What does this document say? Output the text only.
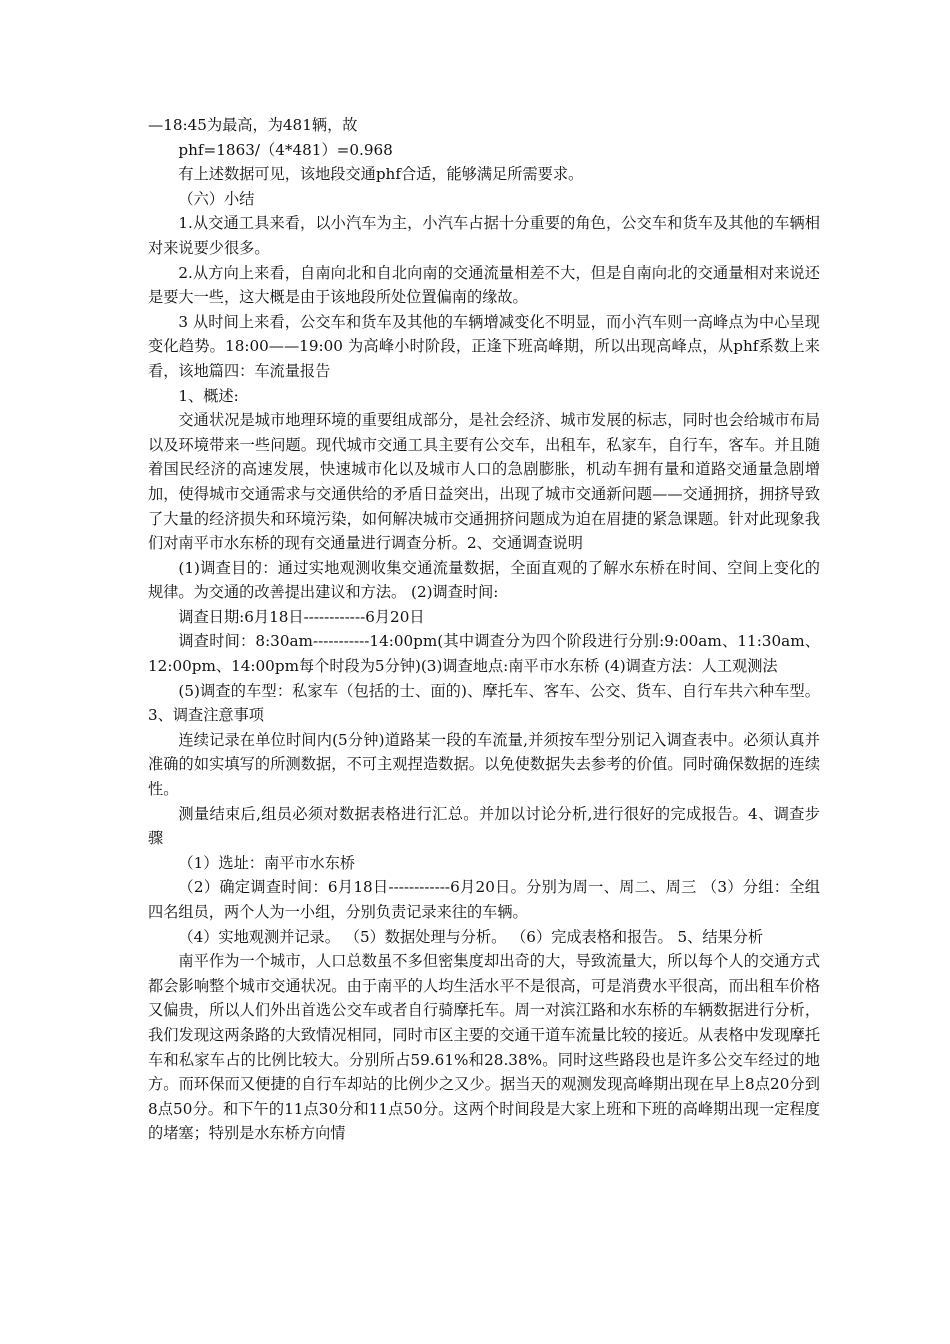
—18:45为最高，为481辆，故

phf=1863/（4*481）=0.968

有上述数据可见，该地段交通phf合适，能够满足所需要求。

（六）小结

1.从交通工具来看，以小汽车为主，小汽车占据十分重要的角色，公交车和货车及其他的车辆相对来说要少很多。

2.从方向上来看，自南向北和自北向南的交通流量相差不大，但是自南向北的交通量相对来说还是要大一些，这大概是由于该地段所处位置偏南的缘故。

3 从时间上来看，公交车和货车及其他的车辆增减变化不明显，而小汽车则一高峰点为中心呈现变化趋势。18:00——19:00 为高峰小时阶段，正逢下班高峰期，所以出现高峰点，从phf系数上来看，该地篇四：车流量报告

1、概述:

交通状况是城市地理环境的重要组成部分，是社会经济、城市发展的标志，同时也会给城市布局以及环境带来一些问题。现代城市交通工具主要有公交车，出租车，私家车，自行车，客车。并且随着国民经济的高速发展，快速城市化以及城市人口的急剧膨胀，机动车拥有量和道路交通量急剧增加，使得城市交通需求与交通供给的矛盾日益突出，出现了城市交通新问题——交通拥挤，拥挤导致了大量的经济损失和环境污染，如何解决城市交通拥挤问题成为迫在眉捷的紧急课题。针对此现象我们对南平市水东桥的现有交通量进行调查分析。2、交通调查说明

(1)调查目的：通过实地观测收集交通流量数据，全面直观的了解水东桥在时间、空间上变化的规律。为交通的改善提出建议和方法。 (2)调查时间:

调查日期:6月18日------------6月20日

调查时间：8:30am-----------14:00pm(其中调查分为四个阶段进行分别:9:00am、11:30am、12:00pm、14:00pm每个时段为5分钟)(3)调查地点:南平市水东桥 (4)调查方法：人工观测法

(5)调查的车型：私家车（包括的士、面的)、摩托车、客车、公交、货车、自行车共六种车型。 3、调查注意事项

连续记录在单位时间内(5分钟)道路某一段的车流量,并须按车型分别记入调查表中。必须认真并准确的如实填写的所测数据，不可主观捏造数据。以免使数据失去参考的价值。同时确保数据的连续性。

测量结束后,组员必须对数据表格进行汇总。并加以讨论分析,进行很好的完成报告。4、调查步骤

（1）选址：南平市水东桥

（2）确定调查时间：6月18日------------6月20日。分别为周一、周二、周三 （3）分组：全组四名组员，两个人为一小组，分别负责记录来往的车辆。

（4）实地观测并记录。 （5）数据处理与分析。 （6）完成表格和报告。 5、结果分析

南平作为一个城市，人口总数虽不多但密集度却出奇的大，导致流量大，所以每个人的交通方式都会影响整个城市交通状况。由于南平的人均生活水平不是很高，可是消费水平很高，而出租车价格又偏贵，所以人们外出首选公交车或者自行骑摩托车。周一对滨江路和水东桥的车辆数据进行分析，我们发现这两条路的大致情况相同，同时市区主要的交通干道车流量比较的接近。从表格中发现摩托车和私家车占的比例比较大。分别所占59.61%和28.38%。同时这些路段也是许多公交车经过的地方。而环保而又便捷的自行车却站的比例少之又少。据当天的观测发现高峰期出现在早上8点20分到8点50分。和下午的11点30分和11点50分。这两个时间段是大家上班和下班的高峰期出现一定程度的堵塞；特别是水东桥方向情
